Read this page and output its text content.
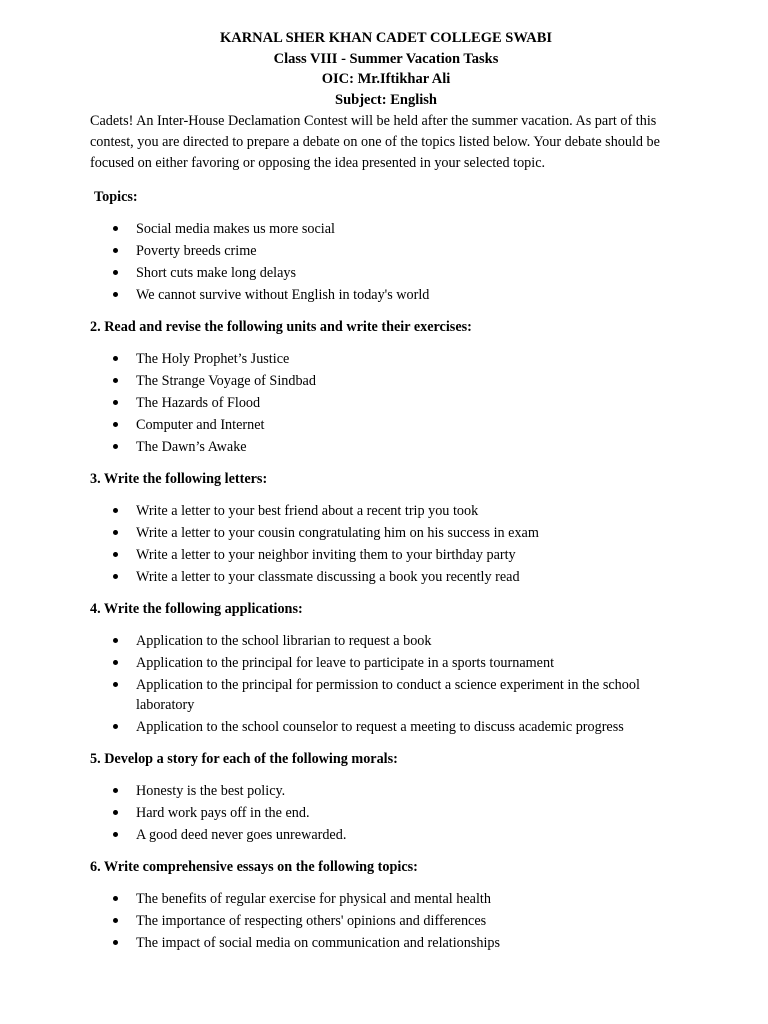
KARNAL SHER KHAN CADET COLLEGE SWABI
Class VIII - Summer Vacation Tasks
OIC: Mr.Iftikhar Ali
Subject: English

Cadets! An Inter-House Declamation Contest will be held after the summer vacation. As part of this contest, you are directed to prepare a debate on one of the topics listed below. Your debate should be focused on either favoring or opposing the idea presented in your selected topic.

Topics:
Social media makes us more social
Poverty breeds crime
Short cuts make long delays
We cannot survive without English in today's world
2. Read and revise the following units and write their exercises:
The Holy Prophet’s Justice
The Strange Voyage of Sindbad
The Hazards of Flood
Computer and Internet
The Dawn’s Awake
3. Write the following letters:
Write a letter to your best friend about a recent trip you took
Write a letter to your cousin congratulating him on his success in exam
Write a letter to your neighbor inviting them to your birthday party
Write a letter to your classmate discussing a book you recently read
4. Write the following applications:
Application to the school librarian to request a book
Application to the principal for leave to participate in a sports tournament
Application to the principal for permission to conduct a science experiment in the school laboratory
Application to the school counselor to request a meeting to discuss academic progress
5. Develop a story for each of the following morals:
Honesty is the best policy.
Hard work pays off in the end.
A good deed never goes unrewarded.
6. Write comprehensive essays on the following topics:
The benefits of regular exercise for physical and mental health
The importance of respecting others' opinions and differences
The impact of social media on communication and relationships
